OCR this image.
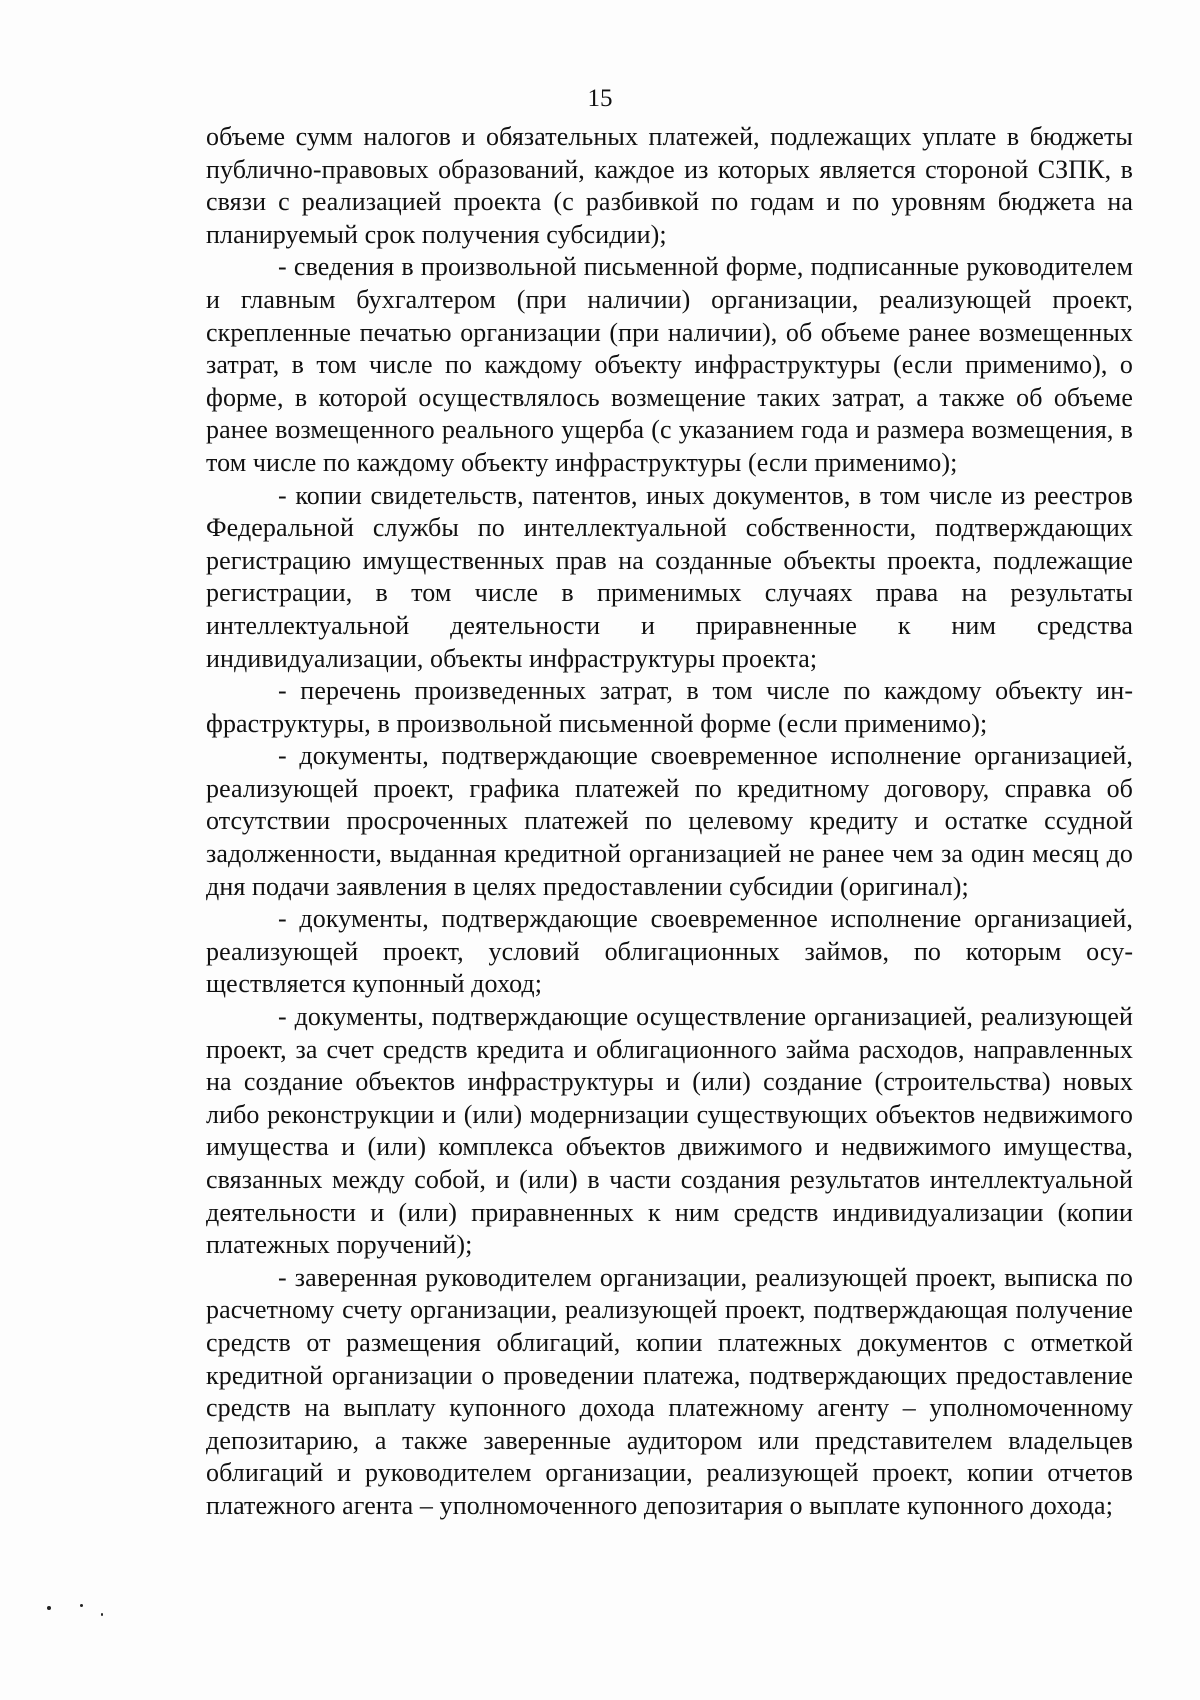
15

объеме сумм налогов и обязательных платежей, подлежащих уплате в бюджеты публично-правовых образований, каждое из которых является стороной СЗПК, в связи с реализацией проекта (с разбивкой по годам и по уровням бюджета на планируемый срок получения субсидии);

- сведения в произвольной письменной форме, подписанные руководителем и главным бухгалтером (при наличии) организации, реализующей проект, скрепленные печатью организации (при наличии), об объеме ранее возмещенных затрат, в том числе по каждому объекту инфраструктуры (если применимо), о форме, в которой осуществлялось возмещение таких затрат, а также об объеме ранее возмещенного реального ущерба (с указанием года и размера возмещения, в том числе по каждому объекту инфраструктуры (если применимо);

- копии свидетельств, патентов, иных документов, в том числе из реестров Федеральной службы по интеллектуальной собственности, подтверждающих регистрацию имущественных прав на созданные объекты проекта, подлежащие регистрации, в том числе в применимых случаях права на результаты интеллектуальной деятельности и приравненные к ним средства индивидуализации, объекты инфраструктуры проекта;

- перечень произведенных затрат, в том числе по каждому объекту инфраструктуры, в произвольной письменной форме (если применимо);

- документы, подтверждающие своевременное исполнение организацией, реализующей проект, графика платежей по кредитному договору, справка об отсутствии просроченных платежей по целевому кредиту и остатке ссудной задолженности, выданная кредитной организацией не ранее чем за один месяц до дня подачи заявления в целях предоставлении субсидии (оригинал);

- документы, подтверждающие своевременное исполнение организацией, реализующей проект, условий облигационных займов, по которым осуществляется купонный доход;

- документы, подтверждающие осуществление организацией, реализующей проект, за счет средств кредита и облигационного займа расходов, направленных на создание объектов инфраструктуры и (или) создание (строительства) новых либо реконструкции и (или) модернизации существующих объектов недвижимого имущества и (или) комплекса объектов движимого и недвижимого имущества, связанных между собой, и (или) в части создания результатов интеллектуальной деятельности и (или) приравненных к ним средств индивидуализации (копии платежных поручений);

- заверенная руководителем организации, реализующей проект, выписка по расчетному счету организации, реализующей проект, подтверждающая получение средств от размещения облигаций, копии платежных документов с отметкой кредитной организации о проведении платежа, подтверждающих предоставление средств на выплату купонного дохода платежному агенту – уполномоченному депозитарию, а также заверенные аудитором или представителем владельцев облигаций и руководителем организации, реализующей проект, копии отчетов платежного агента – уполномоченного депозитария о выплате купонного дохода;
